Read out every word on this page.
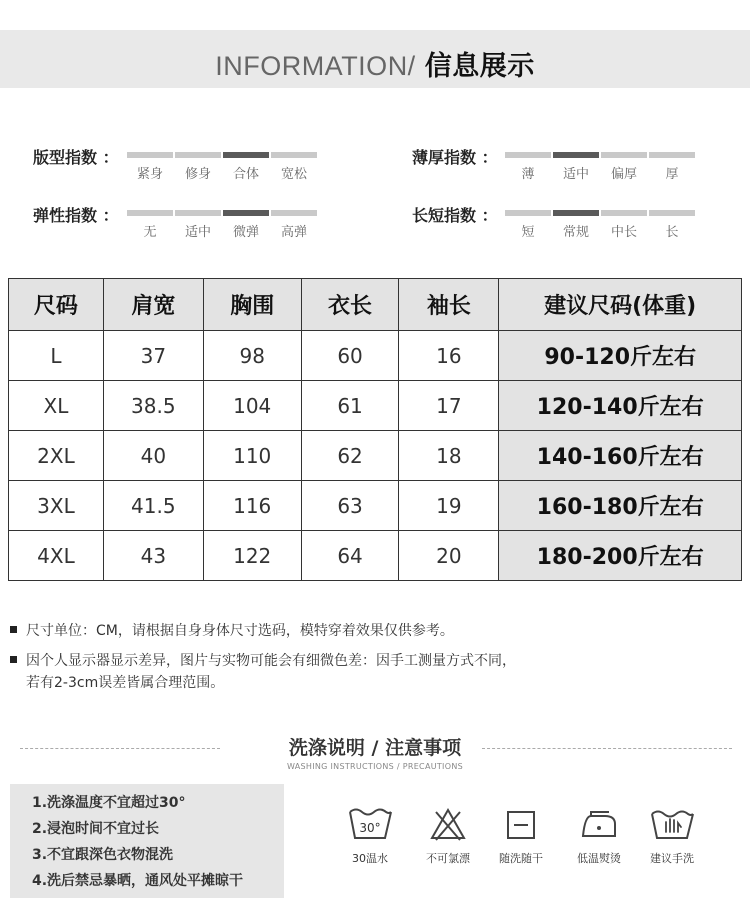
INFORMATION/ 信息展示
版型指数 ：
紧身	修身	合体	宽松
薄厚指数 ：
薄	适中	偏厚	厚
弹性指数 ：
无	适中	微弹	高弹
长短指数 ：
短	常规	中长	长
尺码	肩宽	胸围	衣长	袖长	建议尺码(体重)
L	37	98	60	16	90-120斤左右
XL	38.5	104	61	17	120-140斤左右
2XL	40	110	62	18	140-160斤左右
3XL	41.5	116	63	19	160-180斤左右
4XL	43	122	64	20	180-200斤左右
尺寸单位：CM，请根据自身身体尺寸选码，模特穿着效果仅供参考。
因个人显示器显示差异，图片与实物可能会有细微色差：因手工测量方式不同，
若有2-3cm误差皆属合理范围。
洗涤说明 / 注意事项
WASHING INSTRUCTIONS / PRECAUTIONS
1.洗涤温度不宜超过30°
2.浸泡时间不宜过长
3.不宜跟深色衣物混洗
4.洗后禁忌暴晒，通风处平摊晾干
30°
30温水	不可氯漂	随洗随干	低温熨烫	建议手洗
